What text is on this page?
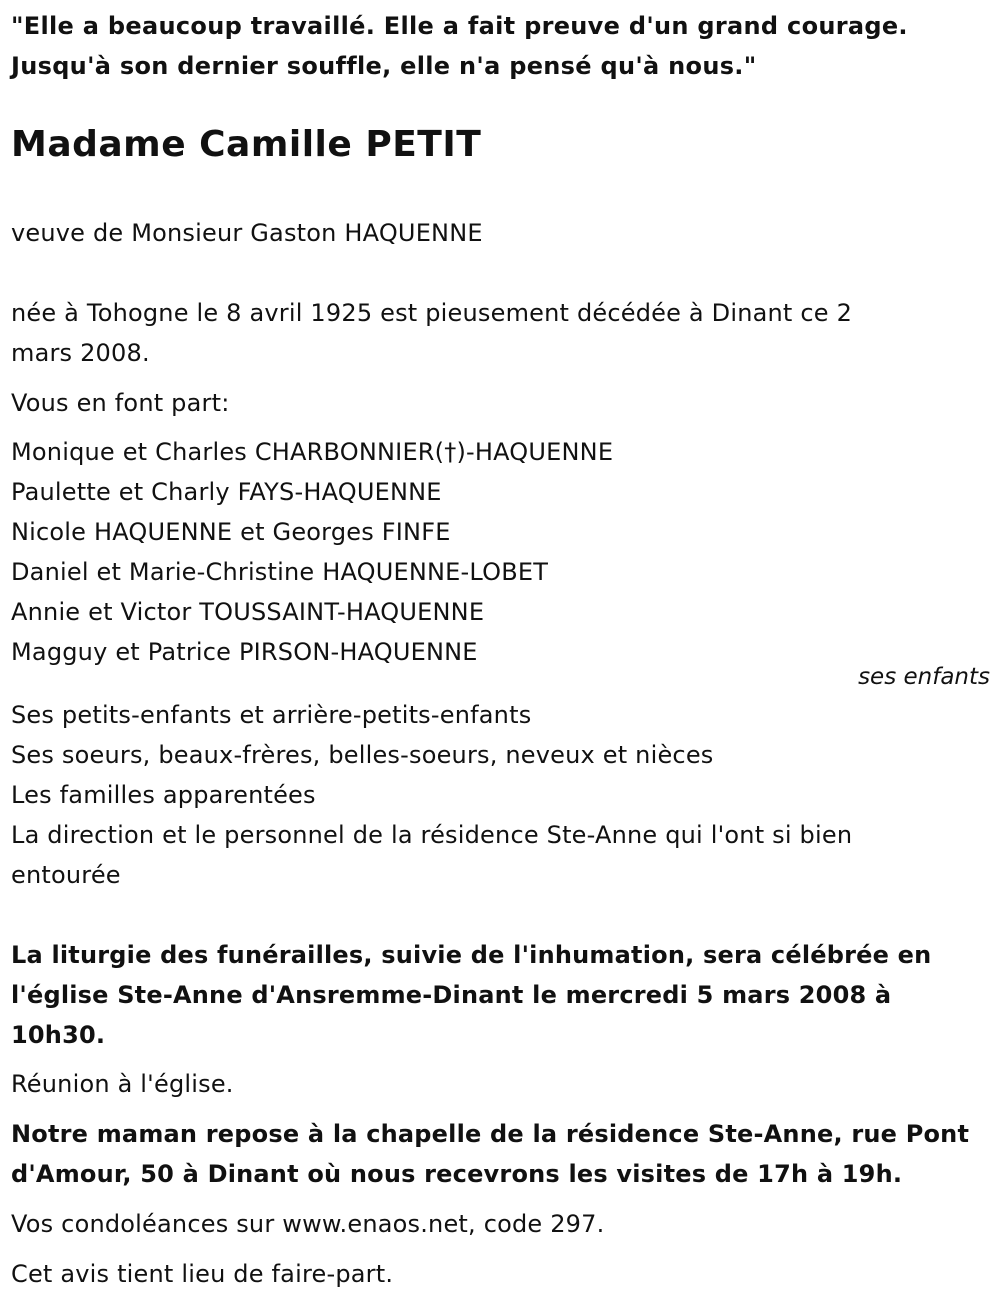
"Elle a beaucoup travaillé. Elle a fait preuve d'un grand courage.
Jusqu'à son dernier souffle, elle n'a pensé qu'à nous."
Madame Camille PETIT
veuve de Monsieur Gaston HAQUENNE
née à Tohogne le 8 avril 1925 est pieusement décédée à Dinant ce 2
mars 2008.
Vous en font part:
Monique et Charles CHARBONNIER(†)-HAQUENNE
Paulette et Charly FAYS-HAQUENNE
Nicole HAQUENNE et Georges FINFE
Daniel et Marie-Christine HAQUENNE-LOBET
Annie et Victor TOUSSAINT-HAQUENNE
Magguy et Patrice PIRSON-HAQUENNE
ses enfants
Ses petits-enfants et arrière-petits-enfants
Ses soeurs, beaux-frères, belles-soeurs, neveux et nièces
Les familles apparentées
La direction et le personnel de la résidence Ste-Anne qui l'ont si bien
entourée
La liturgie des funérailles, suivie de l'inhumation, sera célébrée en
l'église Ste-Anne d'Ansremme-Dinant le mercredi 5 mars 2008 à
10h30.
Réunion à l'église.
Notre maman repose à la chapelle de la résidence Ste-Anne, rue Pont
d'Amour, 50 à Dinant où nous recevrons les visites de 17h à 19h.
Vos condoléances sur www.enaos.net, code 297.
Cet avis tient lieu de faire-part.
